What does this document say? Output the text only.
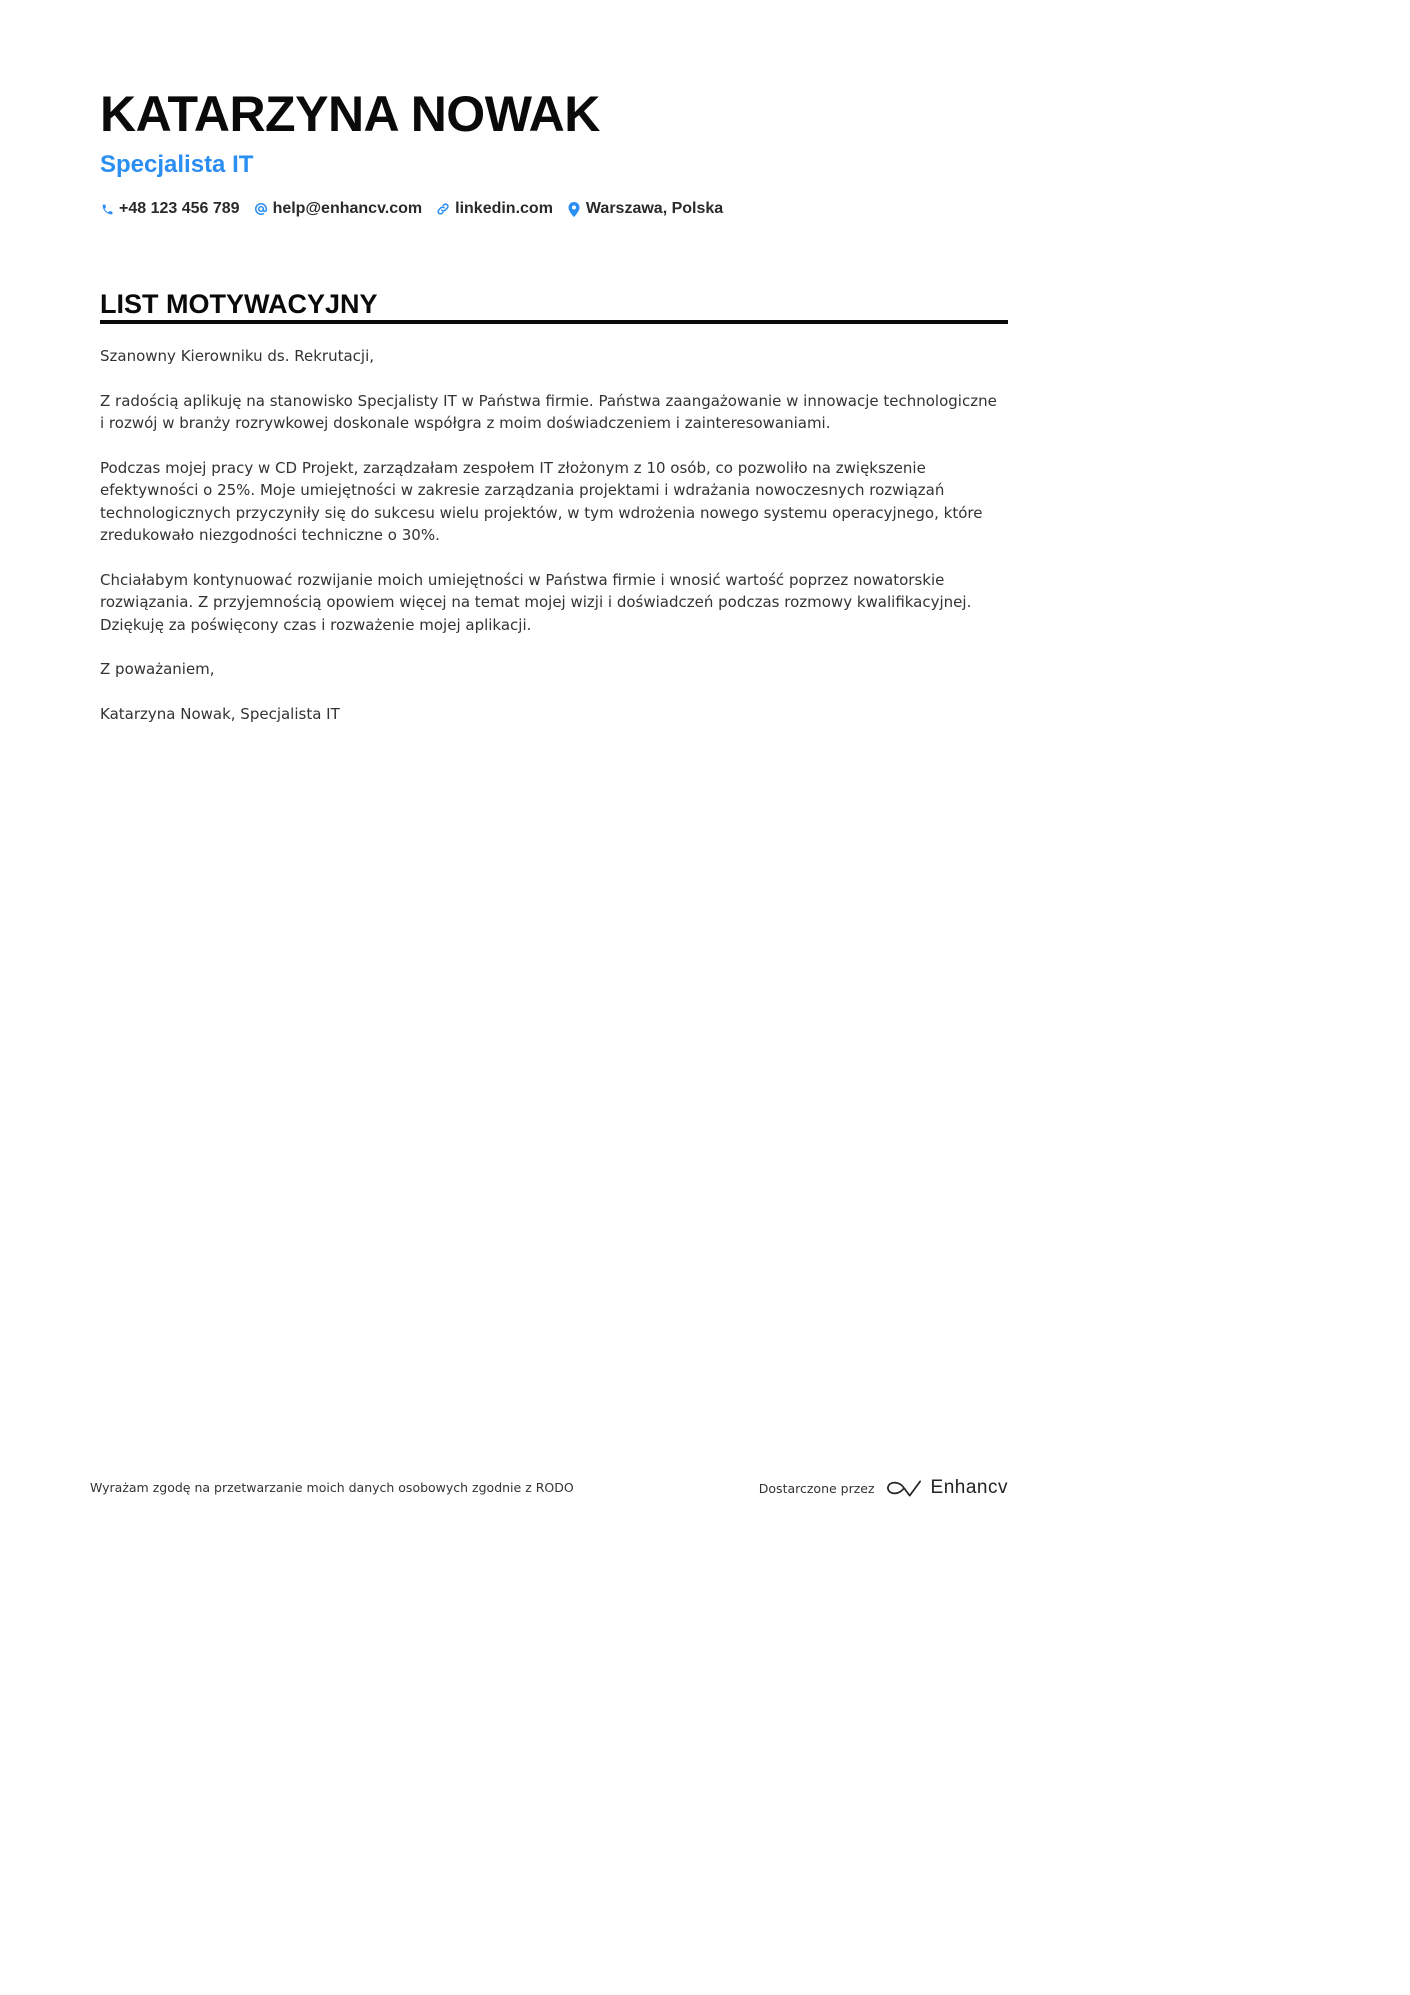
KATARZYNA NOWAK
Specjalista IT
+48 123 456 789 help@enhancv.com linkedin.com Warszawa, Polska
LIST MOTYWACYJNY

Szanowny Kierowniku ds. Rekrutacji,

Z radością aplikuję na stanowisko Specjalisty IT w Państwa firmie. Państwa zaangażowanie w innowacje technologiczne i rozwój w branży rozrywkowej doskonale współgra z moim doświadczeniem i zainteresowaniami.

Podczas mojej pracy w CD Projekt, zarządzałam zespołem IT złożonym z 10 osób, co pozwoliło na zwiększenie efektywności o 25%. Moje umiejętności w zakresie zarządzania projektami i wdrażania nowoczesnych rozwiązań technologicznych przyczyniły się do sukcesu wielu projektów, w tym wdrożenia nowego systemu operacyjnego, które zredukowało niezgodności techniczne o 30%.

Chciałabym kontynuować rozwijanie moich umiejętności w Państwa firmie i wnosić wartość poprzez nowatorskie rozwiązania. Z przyjemnością opowiem więcej na temat mojej wizji i doświadczeń podczas rozmowy kwalifikacyjnej. Dziękuję za poświęcony czas i rozważenie mojej aplikacji.

Z poważaniem,

Katarzyna Nowak, Specjalista IT

Wyrażam zgodę na przetwarzanie moich danych osobowych zgodnie z RODO	Dostarczone przez	Enhancv
